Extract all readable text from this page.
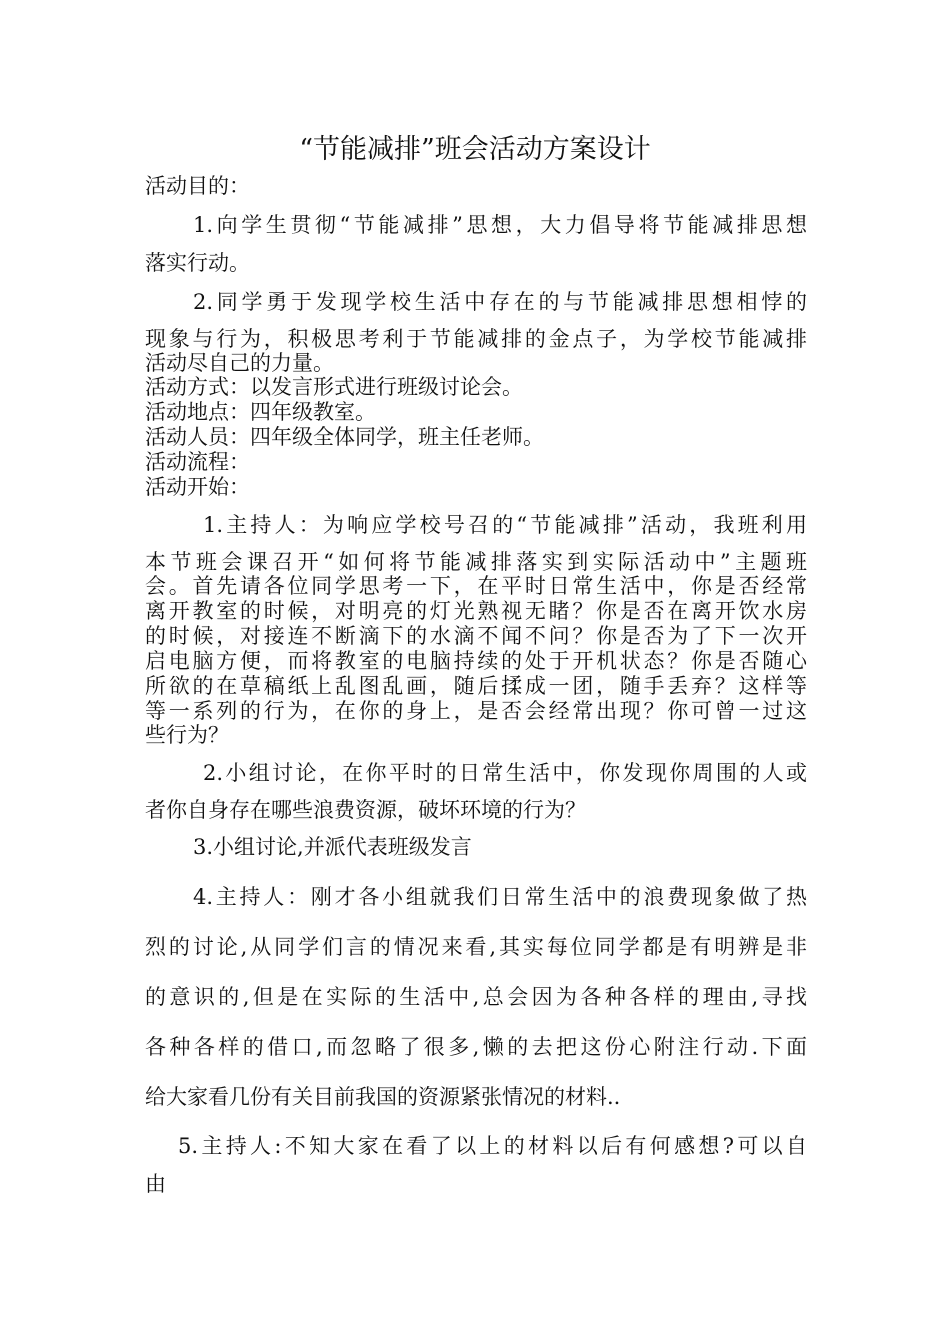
“节能减排”班会活动方案设计
活动目的：
1.向学生贯彻“节能减排”思想，大力倡导将节能减排思想
落实行动。
2.同学勇于发现学校生活中存在的与节能减排思想相悖的
现象与行为，积极思考利于节能减排的金点子，为学校节能减排
活动尽自己的力量。
活动方式：以发言形式进行班级讨论会。
活动地点：四年级教室。
活动人员：四年级全体同学，班主任老师。
活动流程：
活动开始：
1.主持人：为响应学校号召的“节能减排”活动，我班利用
本节班会课召开“如何将节能减排落实到实际活动中”主题班
会。首先请各位同学思考一下，在平时日常生活中，你是否经常
离开教室的时候，对明亮的灯光熟视无睹？你是否在离开饮水房
的时候，对接连不断滴下的水滴不闻不问？你是否为了下一次开
启电脑方便，而将教室的电脑持续的处于开机状态？你是否随心
所欲的在草稿纸上乱图乱画，随后揉成一团，随手丢弃？这样等
等一系列的行为，在你的身上，是否会经常出现？你可曾一过这
些行为？
2.小组讨论，在你平时的日常生活中，你发现你周围的人或
者你自身存在哪些浪费资源，破坏环境的行为？
3.小组讨论,并派代表班级发言
4.主持人：刚才各小组就我们日常生活中的浪费现象做了热
烈的讨论,从同学们言的情况来看,其实每位同学都是有明辨是非
的意识的,但是在实际的生活中,总会因为各种各样的理由,寻找
各种各样的借口,而忽略了很多,懒的去把这份心附注行动.下面
给大家看几份有关目前我国的资源紧张情况的材料..
5.主持人:不知大家在看了以上的材料以后有何感想?可以自
由
